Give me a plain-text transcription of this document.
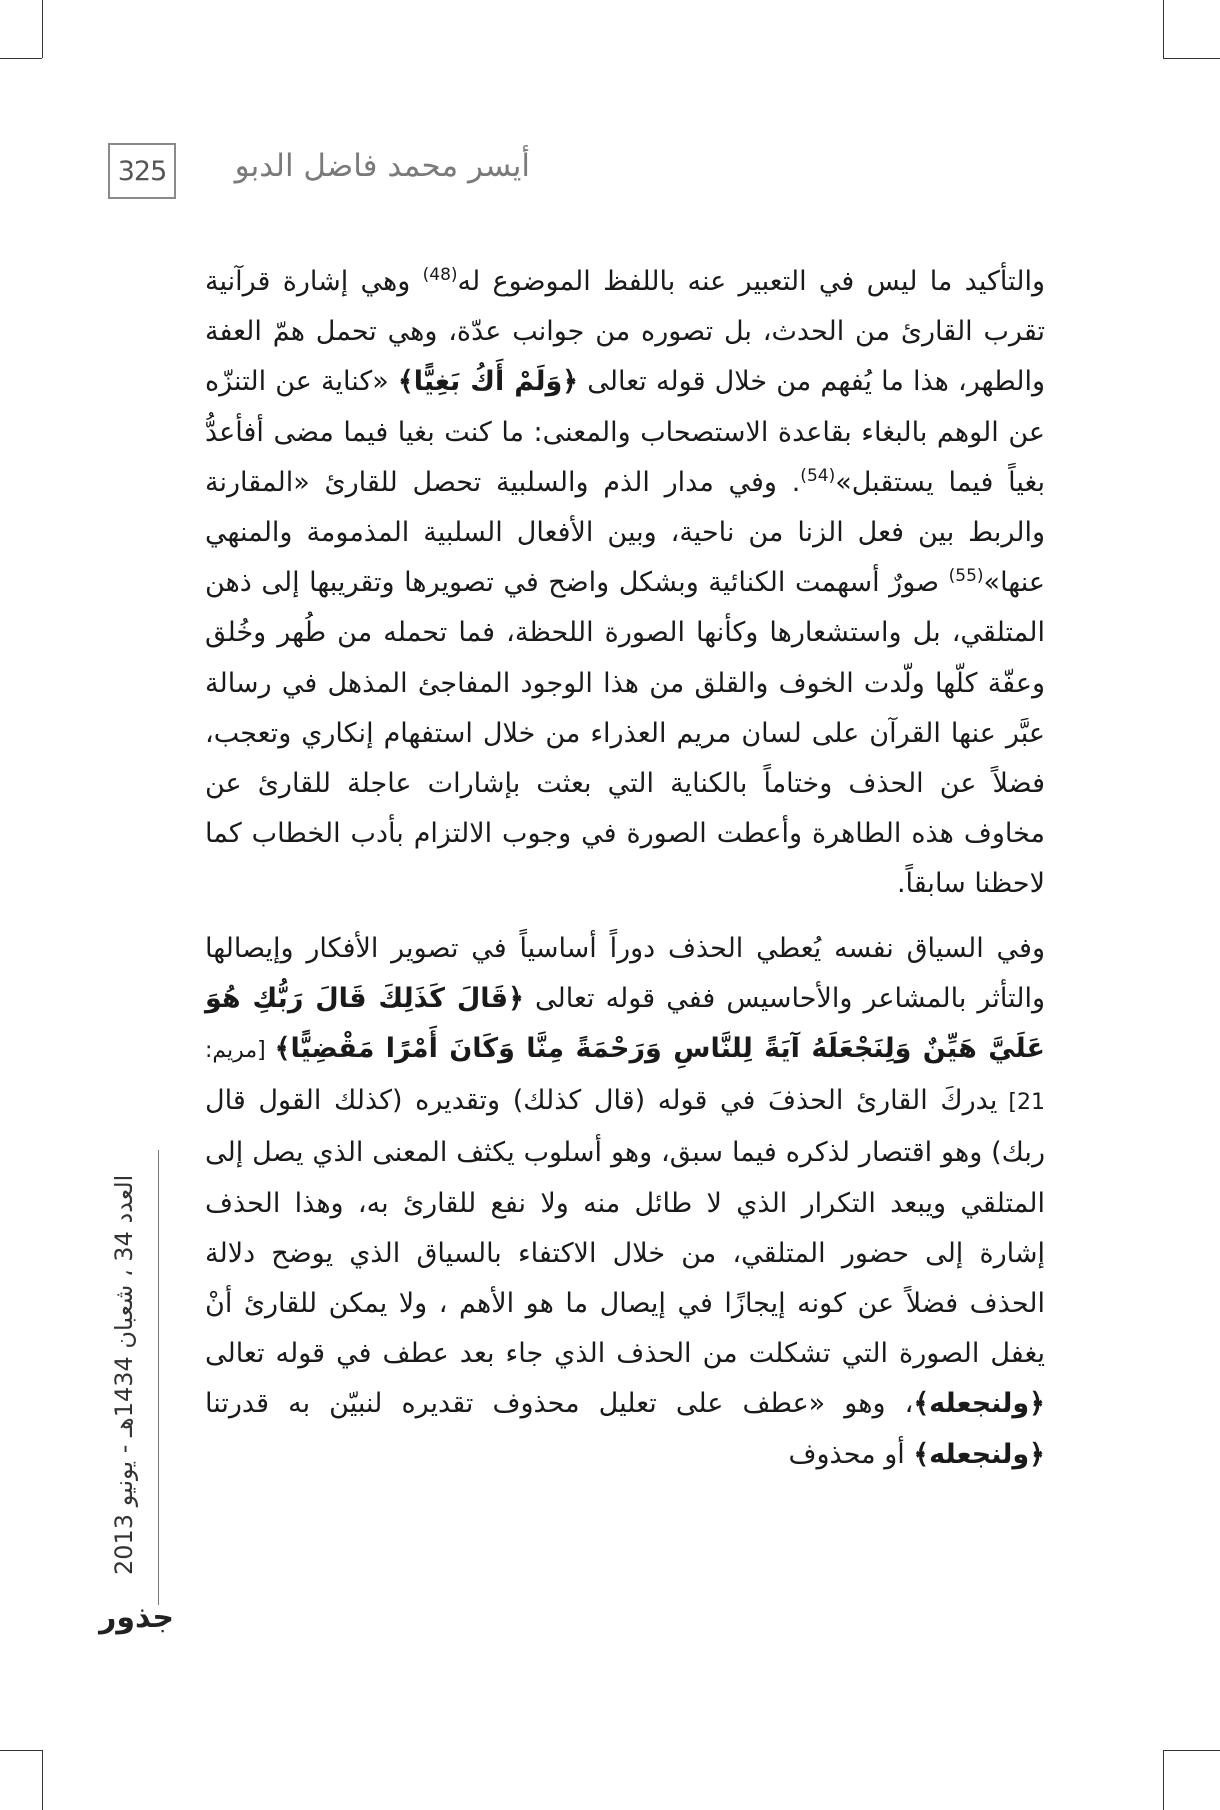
325	أيسر محمد فاضل الدبو

والتأكيد ما ليس في التعبير عنه باللفظ الموضوع له$^{(48)}$ وهي إشارة قرآنية تقرب القارئ من الحدث، بل تصوره من جوانب عدّة، وهي تحمل همّ العفة والطهر، هذا ما يُفهم من خلال قوله تعالى ﴿وَلَمْ أَكُ بَغِيًّا﴾ «كناية عن التنزّه عن الوهم بالبغاء بقاعدة الاستصحاب والمعنى: ما كنت بغيا فيما مضى أفأعدُّ بغياً فيما يستقبل»$^{(54)}$. وفي مدار الذم والسلبية تحصل للقارئ «المقارنة والربط بين فعل الزنا من ناحية، وبين الأفعال السلبية المذمومة والمنهي عنها»$^{(55)}$ صورٌ أسهمت الكنائية وبشكل واضح في تصويرها وتقريبها إلى ذهن المتلقي، بل واستشعارها وكأنها الصورة اللحظة، فما تحمله من طُهر وخُلق وعفّة كلّها ولّدت الخوف والقلق من هذا الوجود المفاجئ المذهل في رسالة عبَّر عنها القرآن على لسان مريم العذراء من خلال استفهام إنكاري وتعجب، فضلاً عن الحذف وختاماً بالكناية التي بعثت بإشارات عاجلة للقارئ عن مخاوف هذه الطاهرة وأعطت الصورة في وجوب الالتزام بأدب الخطاب كما لاحظنا سابقاً.

وفي السياق نفسه يُعطي الحذف دوراً أساسياً في تصوير الأفكار وإيصالها والتأثر بالمشاعر والأحاسيس ففي قوله تعالى ﴿قَالَ كَذَلِكَ قَالَ رَبُّكِ هُوَ عَلَيَّ هَيِّنٌ وَلِنَجْعَلَهُ آيَةً لِلنَّاسِ وَرَحْمَةً مِنَّا وَكَانَ أَمْرًا مَقْضِيًّا﴾ [مريم: 21] يدركَ القارئ الحذفَ في قوله (قال كذلك) وتقديره (كذلك القول قال ربك) وهو اقتصار لذكره فيما سبق، وهو أسلوب يكثف المعنى الذي يصل إلى المتلقي ويبعد التكرار الذي لا طائل منه ولا نفع للقارئ به، وهذا الحذف إشارة إلى حضور المتلقي، من خلال الاكتفاء بالسياق الذي يوضح دلالة الحذف فضلاً عن كونه إيجازًا في إيصال ما هو الأهم ، ولا يمكن للقارئ أنْ يغفل الصورة التي تشكلت من الحذف الذي جاء بعد عطف في قوله تعالى ﴿ولنجعله﴾، وهو «عطف على تعليل محذوف تقديره لنبيّن به قدرتنا ﴿ولنجعله﴾ أو محذوف

العدد 34 ، شعبان 1434هـ - يونيو 2013
جذور
